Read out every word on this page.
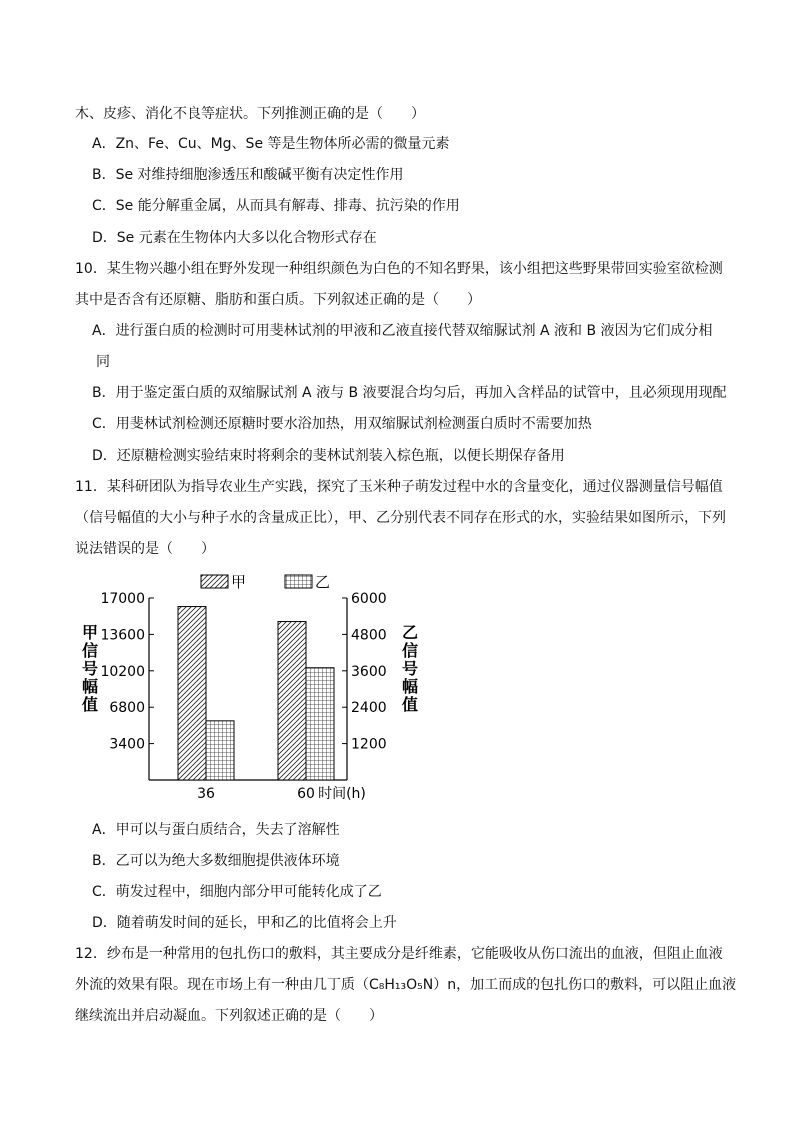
木、皮疹、消化不良等症状。下列推测正确的是（　　）
A．Zn、Fe、Cu、Mg、Se 等是生物体所必需的微量元素
B．Se 对维持细胞渗透压和酸碱平衡有决定性作用
C．Se 能分解重金属，从而具有解毒、排毒、抗污染的作用
D．Se 元素在生物体内大多以化合物形式存在
10．某生物兴趣小组在野外发现一种组织颜色为白色的不知名野果，该小组把这些野果带回实验室欲检测
其中是否含有还原糖、脂肪和蛋白质。下列叙述正确的是（　　）
A．进行蛋白质的检测时可用斐林试剂的甲液和乙液直接代替双缩脲试剂 A 液和 B 液因为它们成分相
同
B．用于鉴定蛋白质的双缩脲试剂 A 液与 B 液要混合均匀后，再加入含样品的试管中，且必须现用现配
C．用斐林试剂检测还原糖时要水浴加热，用双缩脲试剂检测蛋白质时不需要加热
D．还原糖检测实验结束时将剩余的斐林试剂装入棕色瓶，以便长期保存备用
11．某科研团队为指导农业生产实践，探究了玉米种子萌发过程中水的含量变化，通过仪器测量信号幅值
（信号幅值的大小与种子水的含量成正比），甲、乙分别代表不同存在形式的水，实验结果如图所示，下列
说法错误的是（　　）
甲	乙
3400
6800
10200
13600
17000
1200
2400
3600
4800
6000
甲
信
号
幅
值
乙
信
号
幅
值
36	60 时间(h)
A．甲可以与蛋白质结合，失去了溶解性
B．乙可以为绝大多数细胞提供液体环境
C．萌发过程中，细胞内部分甲可能转化成了乙
D．随着萌发时间的延长，甲和乙的比值将会上升
12．纱布是一种常用的包扎伤口的敷料，其主要成分是纤维素，它能吸收从伤口流出的血液，但阻止血液
外流的效果有限。现在市场上有一种由几丁质（C₈H₁₃O₅N）n，加工而成的包扎伤口的敷料，可以阻止血液
继续流出并启动凝血。下列叙述正确的是（　　）
